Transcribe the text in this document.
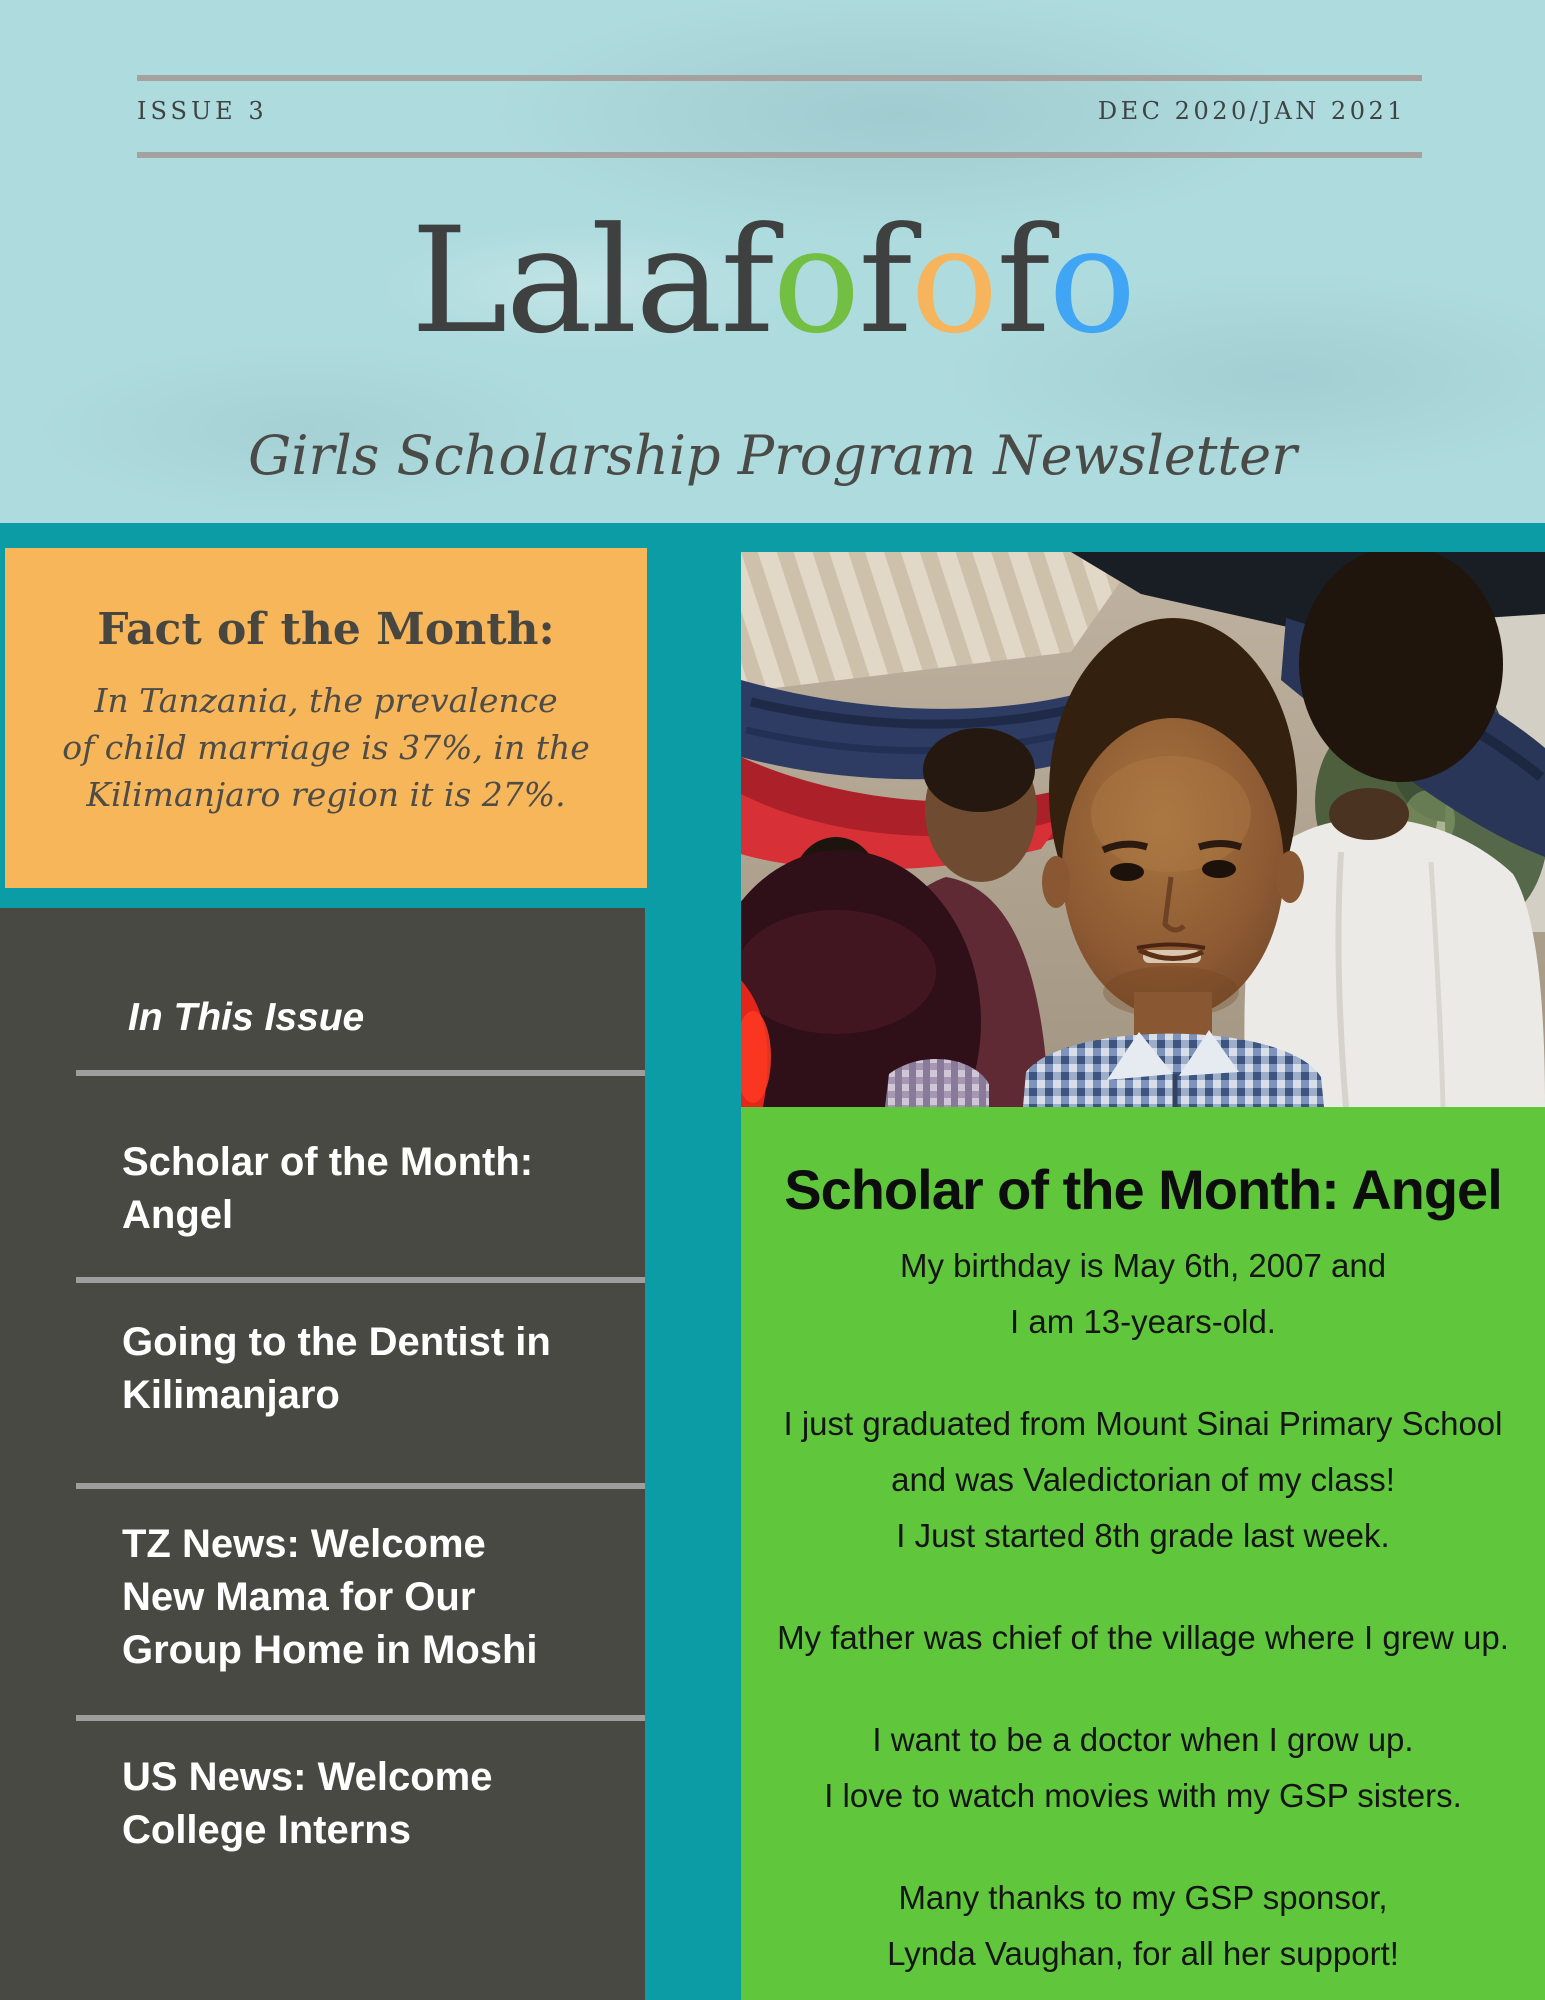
ISSUE 3	DEC 2020/JAN 2021
Lalafofofo
Girls Scholarship Program Newsletter
Fact of the Month:
In Tanzania, the prevalence
of child marriage is 37%, in the
Kilimanjaro region it is 27%.
In This Issue
Scholar of the Month:
Angel
Going to the Dentist in
Kilimanjaro
TZ News: Welcome
New Mama for Our
Group Home in Moshi
US News: Welcome
College Interns
Scholar of the Month: Angel

My birthday is May 6th, 2007 and
I am 13-years-old.

I just graduated from Mount Sinai Primary School
and was Valedictorian of my class!
I Just started 8th grade last week.

My father was chief of the village where I grew up.

I want to be a doctor when I grow up.
I love to watch movies with my GSP sisters.

Many thanks to my GSP sponsor,
Lynda Vaughan, for all her support!
